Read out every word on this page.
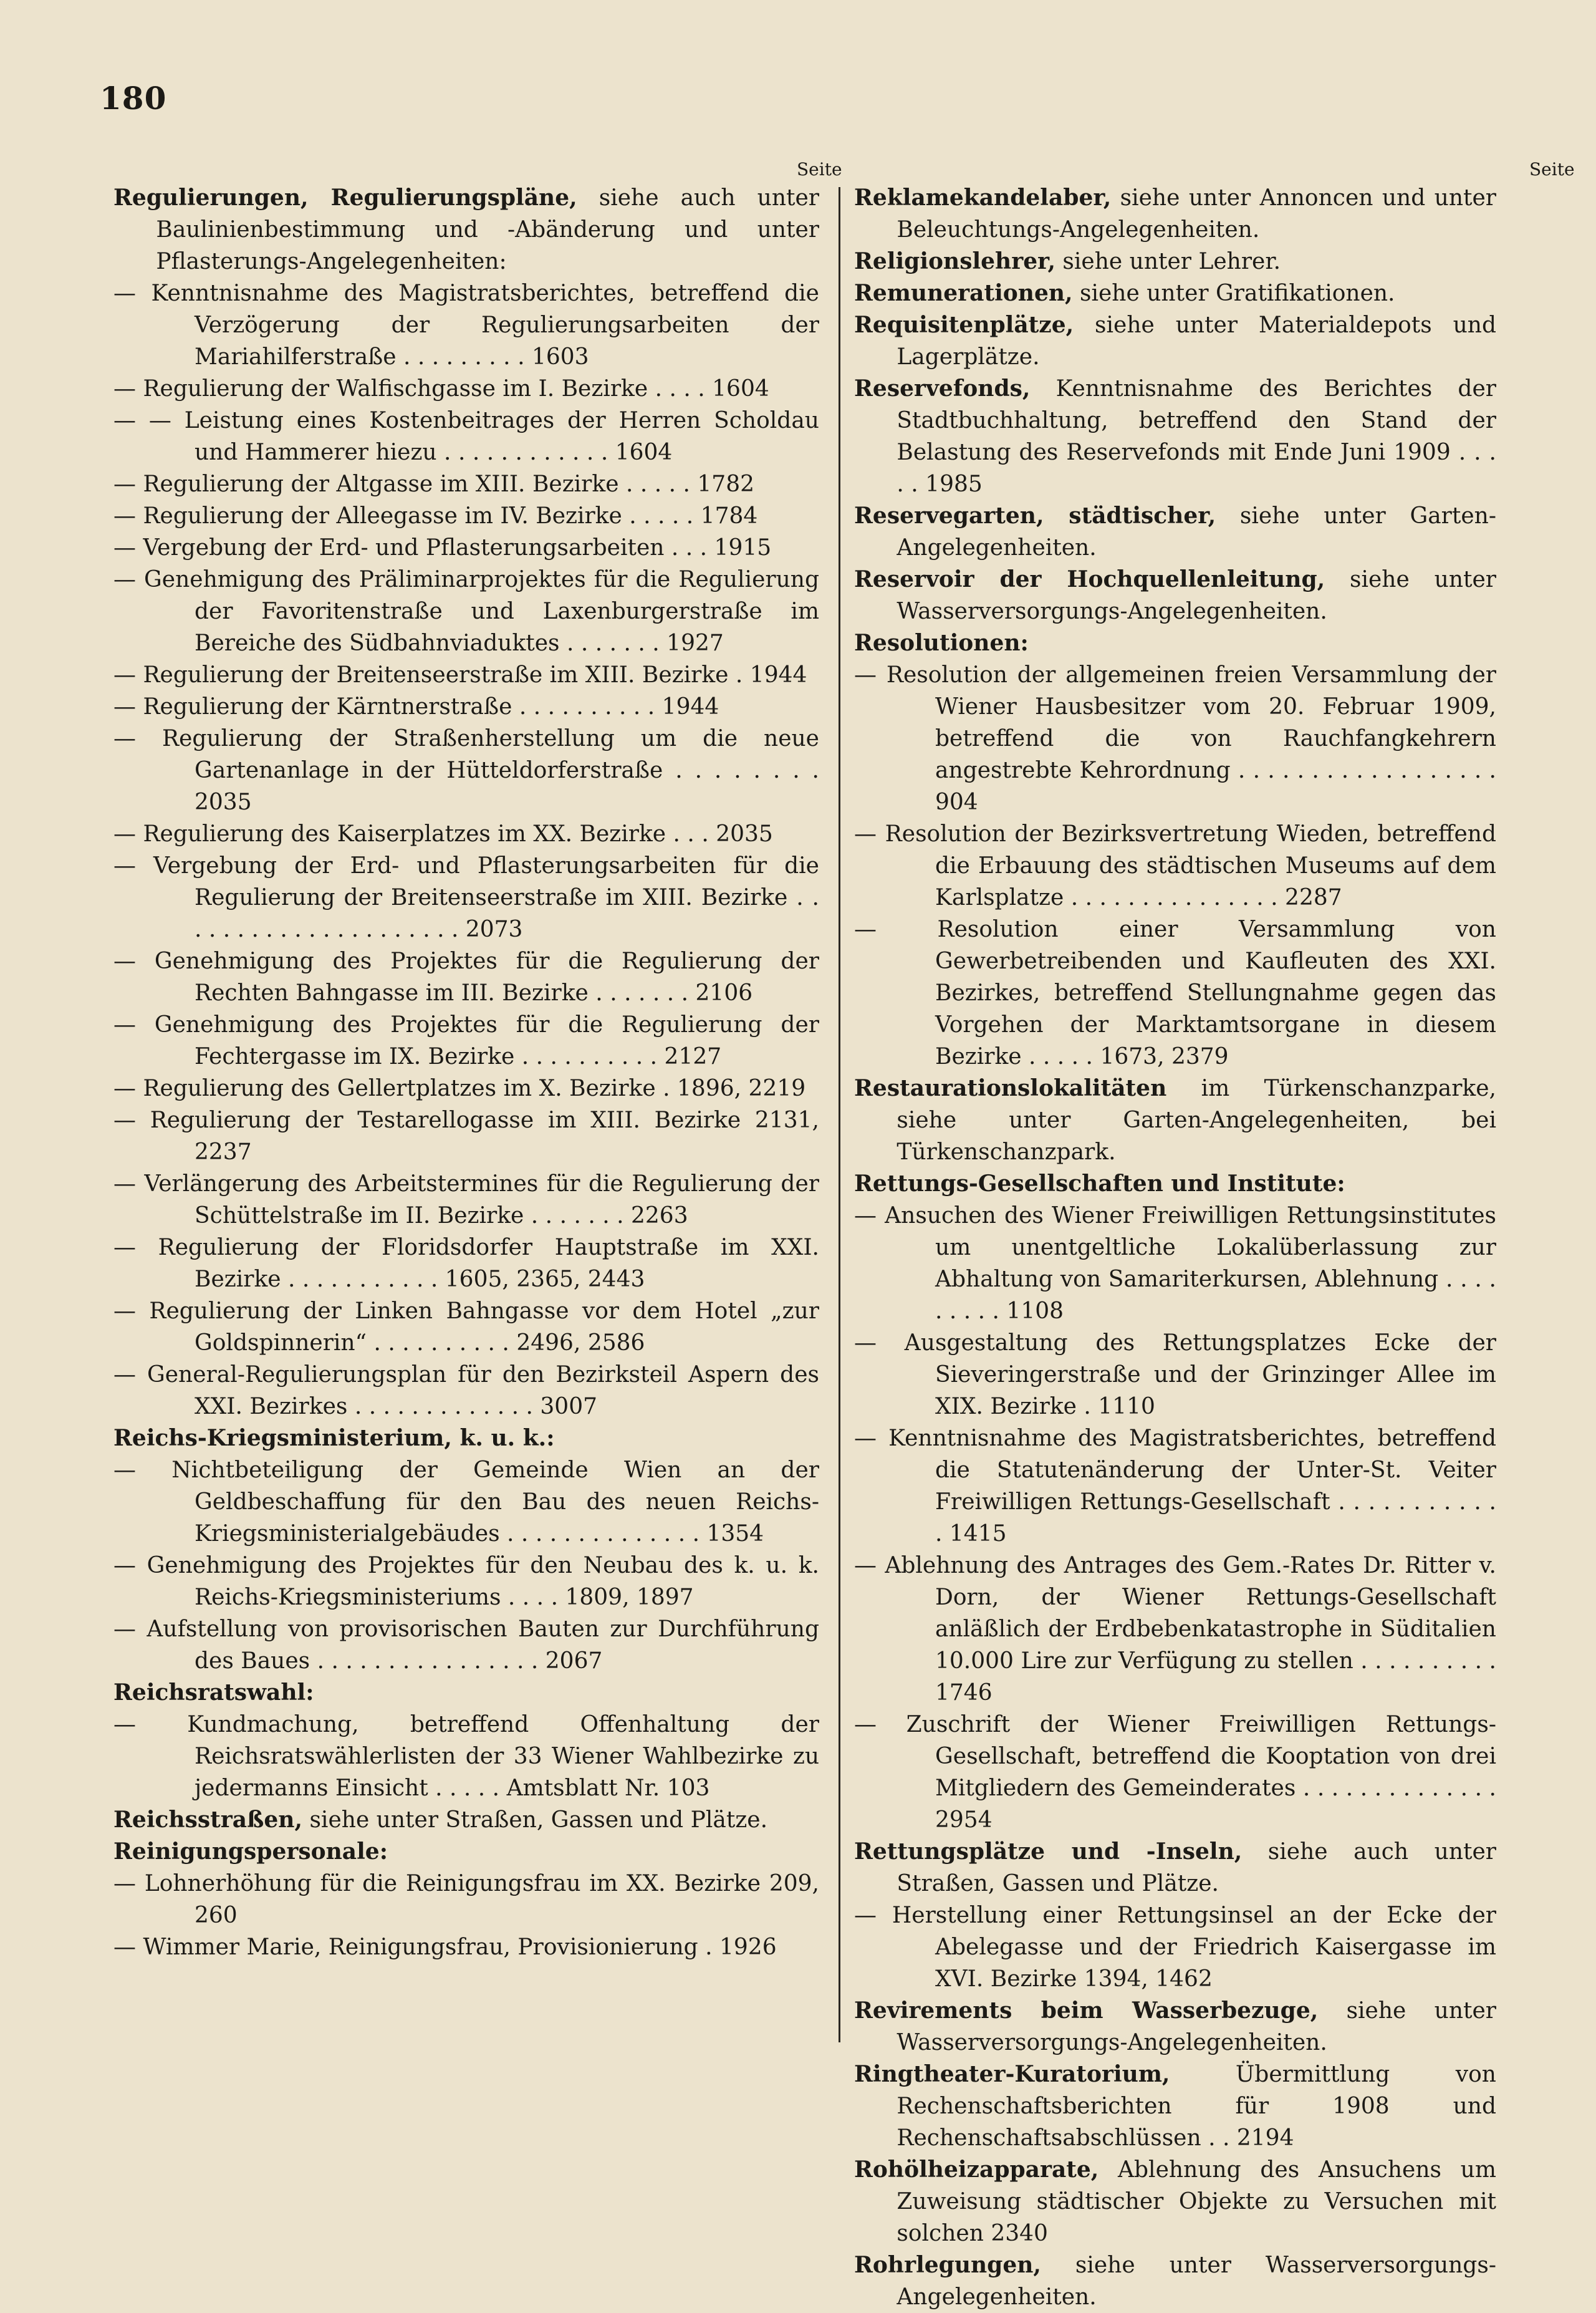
180
Seite	Seite
Regulierungen, Regulierungspläne, siehe auch unter Baulinienbestimmung und -Abänderung und unter Pflasterungs-Angelegenheiten:
— Kenntnisnahme des Magistratsberichtes, betreffend die Verzögerung der Regulierungsarbeiten der Mariahilferstraße . . . . . . . . . 1603
— Regulierung der Walfischgasse im I. Bezirke . . . . 1604
— — Leistung eines Kostenbeitrages der Herren Scholdau und Hammerer hiezu . . . . . . . . . . . . 1604
— Regulierung der Altgasse im XIII. Bezirke . . . . . 1782
— Regulierung der Alleegasse im IV. Bezirke . . . . . 1784
— Vergebung der Erd- und Pflasterungsarbeiten . . . 1915
— Genehmigung des Präliminarprojektes für die Regulierung der Favoritenstraße und Laxenburgerstraße im Bereiche des Südbahnviaduktes . . . . . . . 1927
— Regulierung der Breitenseerstraße im XIII. Bezirke . 1944
— Regulierung der Kärntnerstraße . . . . . . . . . . 1944
— Regulierung der Straßenherstellung um die neue Gartenanlage in der Hütteldorferstraße . . . . . . . . 2035
— Regulierung des Kaiserplatzes im XX. Bezirke . . . 2035
— Vergebung der Erd- und Pflasterungsarbeiten für die Regulierung der Breitenseerstraße im XIII. Bezirke . . . . . . . . . . . . . . . . . . . . . 2073
— Genehmigung des Projektes für die Regulierung der Rechten Bahngasse im III. Bezirke . . . . . . . 2106
— Genehmigung des Projektes für die Regulierung der Fechtergasse im IX. Bezirke . . . . . . . . . . 2127
— Regulierung des Gellertplatzes im X. Bezirke . 1896, 2219
— Regulierung der Testarellogasse im XIII. Bezirke 2131, 2237
— Verlängerung des Arbeitstermines für die Regulierung der Schüttelstraße im II. Bezirke . . . . . . . 2263
— Regulierung der Floridsdorfer Hauptstraße im XXI. Bezirke . . . . . . . . . . . 1605, 2365, 2443
— Regulierung der Linken Bahngasse vor dem Hotel „zur Goldspinnerin“ . . . . . . . . . . 2496, 2586
— General-Regulierungsplan für den Bezirksteil Aspern des XXI. Bezirkes . . . . . . . . . . . . . 3007
Reichs-Kriegsministerium, k. u. k.:
— Nichtbeteiligung der Gemeinde Wien an der Geldbeschaffung für den Bau des neuen Reichs-Kriegsministerialgebäudes . . . . . . . . . . . . . . 1354
— Genehmigung des Projektes für den Neubau des k. u. k. Reichs-Kriegsministeriums . . . . 1809, 1897
— Aufstellung von provisorischen Bauten zur Durchführung des Baues . . . . . . . . . . . . . . . . 2067
Reichsratswahl:
— Kundmachung, betreffend Offenhaltung der Reichsratswählerlisten der 33 Wiener Wahlbezirke zu jedermanns Einsicht . . . . . Amtsblatt Nr. 103
Reichsstraßen, siehe unter Straßen, Gassen und Plätze.
Reinigungspersonale:
— Lohnerhöhung für die Reinigungsfrau im XX. Bezirke 209, 260
— Wimmer Marie, Reinigungsfrau, Provisionierung . 1926
Reklamekandelaber, siehe unter Annoncen und unter Beleuchtungs-Angelegenheiten.
Religionslehrer, siehe unter Lehrer.
Remunerationen, siehe unter Gratifikationen.
Requisitenplätze, siehe unter Materialdepots und Lagerplätze.
Reservefonds, Kenntnisnahme des Berichtes der Stadtbuchhaltung, betreffend den Stand der Belastung des Reservefonds mit Ende Juni 1909 . . . . . 1985
Reservegarten, städtischer, siehe unter Garten-Angelegenheiten.
Reservoir der Hochquellenleitung, siehe unter Wasserversorgungs-Angelegenheiten.
Resolutionen:
— Resolution der allgemeinen freien Versammlung der Wiener Hausbesitzer vom 20. Februar 1909, betreffend die von Rauchfangkehrern angestrebte Kehrordnung . . . . . . . . . . . . . . . . . . 904
— Resolution der Bezirksvertretung Wieden, betreffend die Erbauung des städtischen Museums auf dem Karlsplatze . . . . . . . . . . . . . . . 2287
— Resolution einer Versammlung von Gewerbetreibenden und Kaufleuten des XXI. Bezirkes, betreffend Stellungnahme gegen das Vorgehen der Marktamtsorgane in diesem Bezirke . . . . . 1673, 2379
Restaurationslokalitäten im Türkenschanzparke, siehe unter Garten-Angelegenheiten, bei Türkenschanzpark.
Rettungs-Gesellschaften und Institute:
— Ansuchen des Wiener Freiwilligen Rettungsinstitutes um unentgeltliche Lokalüberlassung zur Abhaltung von Samariterkursen, Ablehnung . . . . . . . . . 1108
— Ausgestaltung des Rettungsplatzes Ecke der Sieveringerstraße und der Grinzinger Allee im XIX. Bezirke . 1110
— Kenntnisnahme des Magistratsberichtes, betreffend die Statutenänderung der Unter-St. Veiter Freiwilligen Rettungs-Gesellschaft . . . . . . . . . . . . 1415
— Ablehnung des Antrages des Gem.-Rates Dr. Ritter v. Dorn, der Wiener Rettungs-Gesellschaft anläßlich der Erdbebenkatastrophe in Süditalien 10.000 Lire zur Verfügung zu stellen . . . . . . . . . . 1746
— Zuschrift der Wiener Freiwilligen Rettungs-Gesellschaft, betreffend die Kooptation von drei Mitgliedern des Gemeinderates . . . . . . . . . . . . . . 2954
Rettungsplätze und -Inseln, siehe auch unter Straßen, Gassen und Plätze.
— Herstellung einer Rettungsinsel an der Ecke der Abelegasse und der Friedrich Kaisergasse im XVI. Bezirke 1394, 1462
Revirements beim Wasserbezuge, siehe unter Wasserversorgungs-Angelegenheiten.
Ringtheater-Kuratorium, Übermittlung von Rechenschaftsberichten für 1908 und Rechenschaftsabschlüssen . . 2194
Rohölheizapparate, Ablehnung des Ansuchens um Zuweisung städtischer Objekte zu Versuchen mit solchen 2340
Rohrlegungen, siehe unter Wasserversorgungs-Angelegenheiten.
